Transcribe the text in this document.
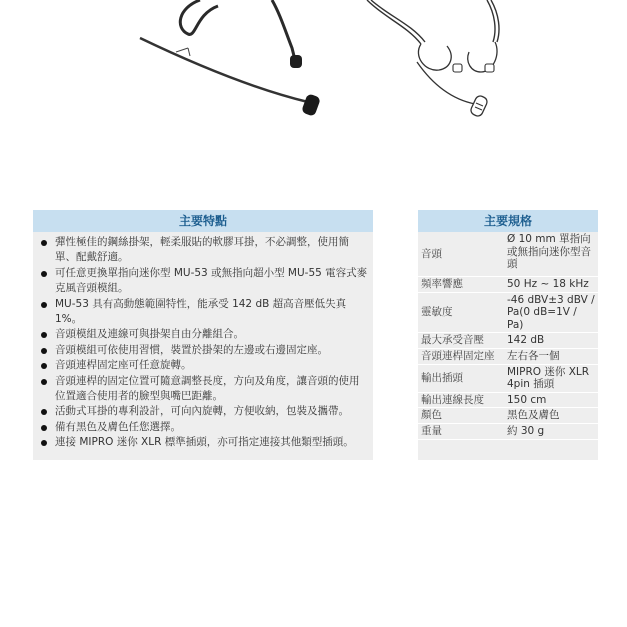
主要特點
彈性極佳的鋼絲掛架，輕柔服貼的軟膠耳掛，不必調整，使用簡單、配戴舒適。
可任意更換單指向迷你型 MU-53 或無指向超小型 MU-55 電容式麥克風音頭模組。
MU-53 具有高動態範圍特性，能承受 142 dB 超高音壓低失真 1%。
音頭模組及連線可與掛架自由分離組合。
音頭模組可依使用習慣，裝置於掛架的左邊或右邊固定座。
音頭連桿固定座可任意旋轉。
音頭連桿的固定位置可隨意調整長度，方向及角度，讓音頭的使用位置適合使用者的臉型與嘴巴距離。
活動式耳掛的專利設計，可向內旋轉，方便收納，包裝及攜帶。
備有黑色及膚色任您選擇。
連接 MIPRO 迷你 XLR 標準插頭，亦可指定連接其他類型插頭。
主要規格
音頭	Ø 10 mm 單指向或無指向迷你型音頭

頻率響應	50 Hz ~ 18 kHz
靈敏度	-46 dBV±3 dBV / Pa(0 dB=1V / Pa)
最大承受音壓	142 dB
音頭連桿固定座	左右各一個
輸出插頭	MIPRO 迷你 XLR 4pin 插頭
輸出連線長度	150 cm
顏色	黑色及膚色
重量	約 30 g
